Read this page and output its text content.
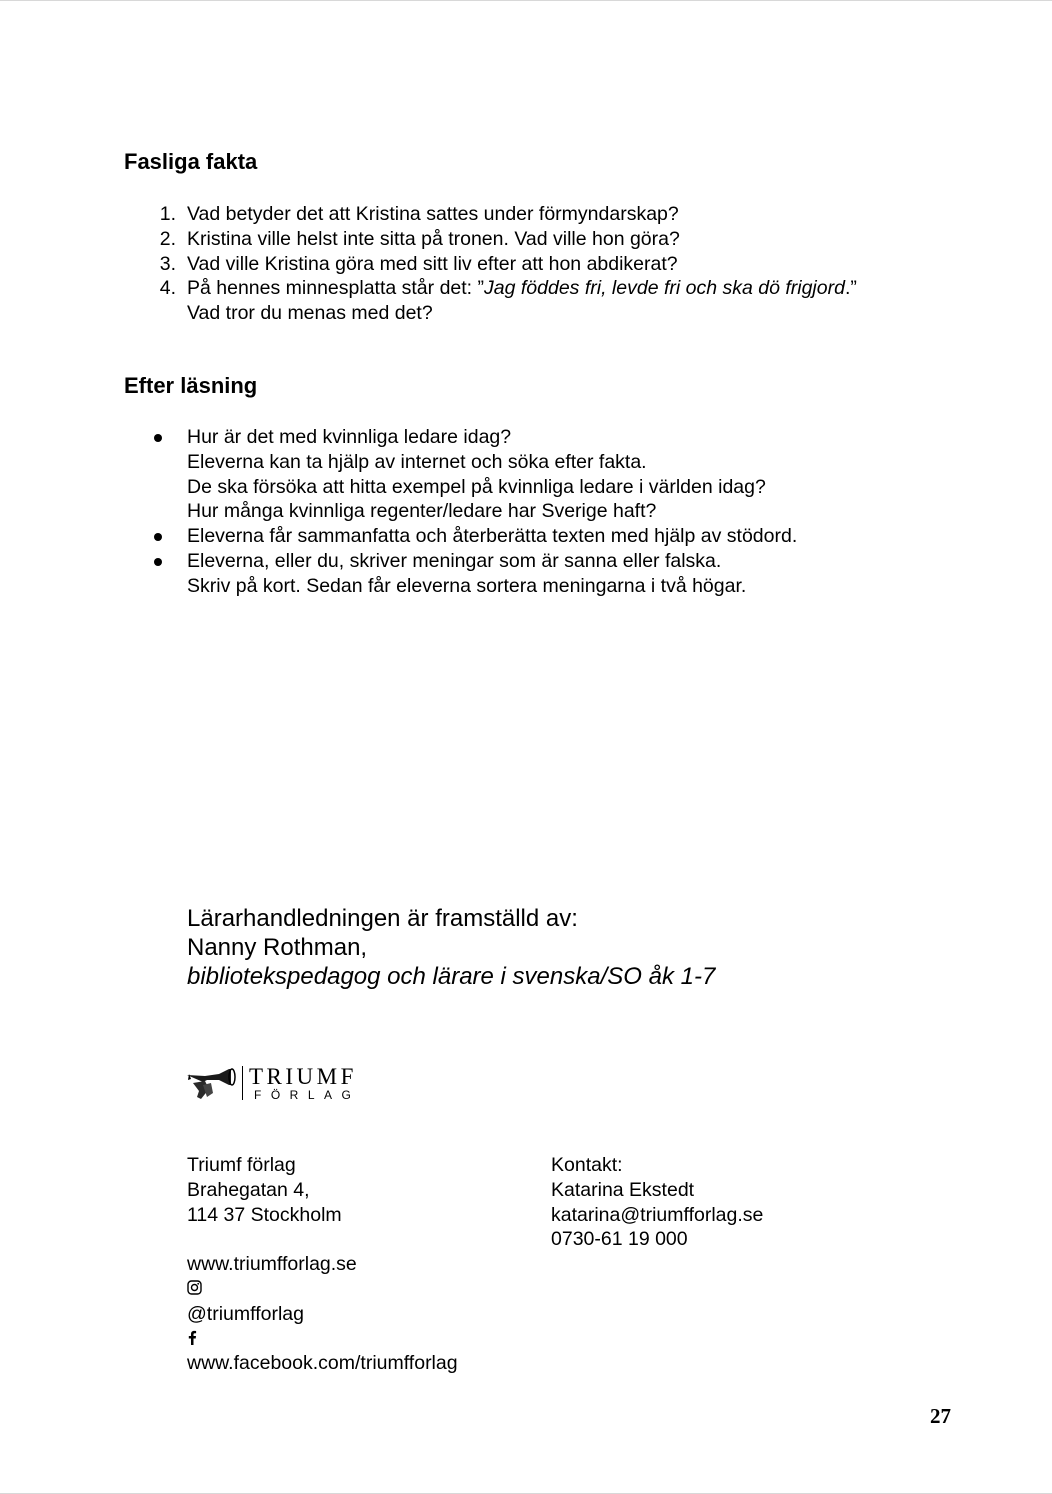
Fasliga fakta
1. Vad betyder det att Kristina sattes under förmyndarskap?
2. Kristina ville helst inte sitta på tronen. Vad ville hon göra?
3. Vad ville Kristina göra med sitt liv efter att hon abdikerat?
4. På hennes minnesplatta står det: ”Jag föddes fri, levde fri och ska dö frigjord.”
Vad tror du menas med det?
Efter läsning
Hur är det med kvinnliga ledare idag?
Eleverna kan ta hjälp av internet och söka efter fakta.
De ska försöka att hitta exempel på kvinnliga ledare i världen idag?
Hur många kvinnliga regenter/ledare har Sverige haft?
Eleverna får sammanfatta och återberätta texten med hjälp av stödord.
Eleverna, eller du, skriver meningar som är sanna eller falska.
Skriv på kort. Sedan får eleverna sortera meningarna i två högar.
Lärarhandledningen är framställd av:
Nanny Rothman,
bibliotekspedagog och lärare i svenska/SO åk 1-7
TRIUMF
FÖRLAG
Triumf förlag
Brahegatan 4,
114 37 Stockholm
www.triumfforlag.se
@triumfforlag
www.facebook.com/triumfforlag
Kontakt:
Katarina Ekstedt
katarina@triumfforlag.se
0730-61 19 000
27
